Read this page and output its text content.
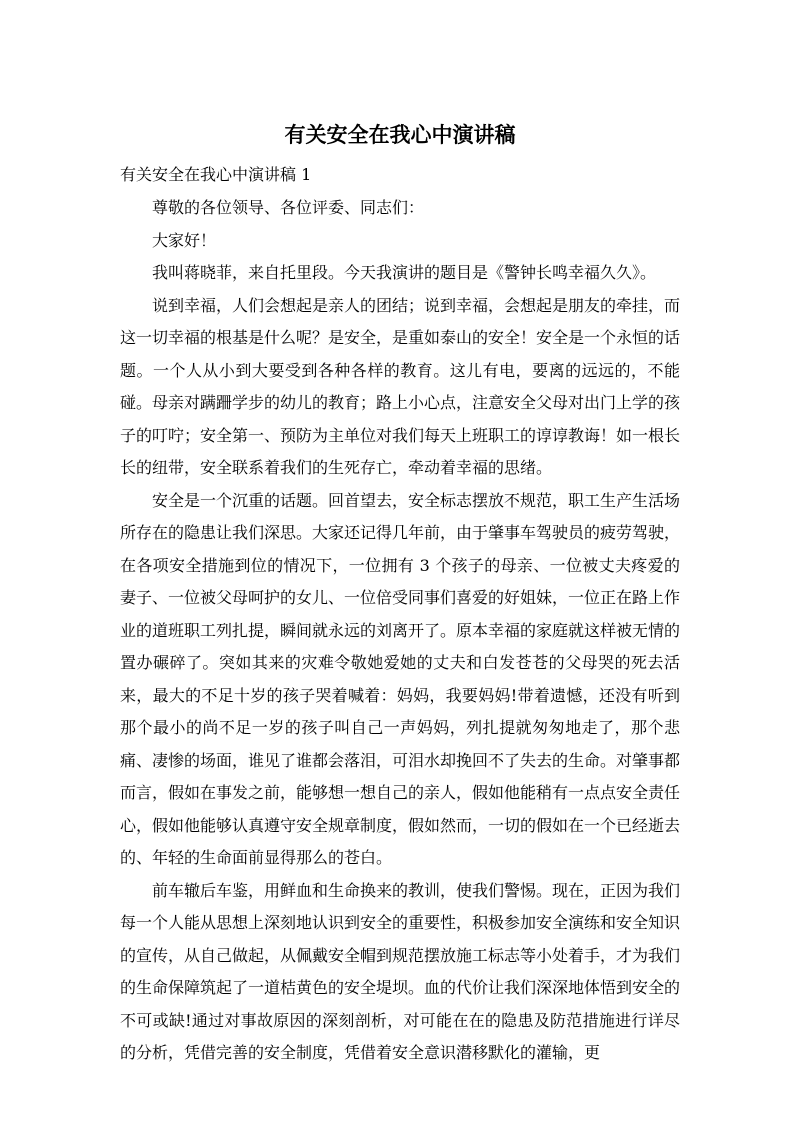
有关安全在我心中演讲稿

有关安全在我心中演讲稿 1

尊敬的各位领导、各位评委、同志们：

大家好！

我叫蒋晓菲，来自托里段。今天我演讲的题目是《警钟长鸣幸福久久》。

说到幸福，人们会想起是亲人的团结；说到幸福，会想起是朋友的牵挂，而这一切幸福的根基是什么呢？是安全，是重如泰山的安全！安全是一个永恒的话题。一个人从小到大要受到各种各样的教育。这儿有电，要离的远远的，不能碰。母亲对蹒跚学步的幼儿的教育；路上小心点，注意安全父母对出门上学的孩子的叮咛；安全第一、预防为主单位对我们每天上班职工的谆谆教诲！如一根长长的纽带，安全联系着我们的生死存亡，牵动着幸福的思绪。

安全是一个沉重的话题。回首望去，安全标志摆放不规范，职工生产生活场所存在的隐患让我们深思。大家还记得几年前，由于肇事车驾驶员的疲劳驾驶，在各项安全措施到位的情况下，一位拥有 3 个孩子的母亲、一位被丈夫疼爱的妻子、一位被父母呵护的女儿、一位倍受同事们喜爱的好姐妹，一位正在路上作业的道班职工列扎提，瞬间就永远的刘离开了。原本幸福的家庭就这样被无情的置办碾碎了。突如其来的灾难令敬她爱她的丈夫和白发苍苍的父母哭的死去活来，最大的不足十岁的孩子哭着喊着：妈妈，我要妈妈!带着遗憾，还没有听到那个最小的尚不足一岁的孩子叫自己一声妈妈，列扎提就匆匆地走了，那个悲痛、凄惨的场面，谁见了谁都会落泪，可泪水却挽回不了失去的生命。对肇事都而言，假如在事发之前，能够想一想自己的亲人，假如他能稍有一点点安全责任心，假如他能够认真遵守安全规章制度，假如然而，一切的假如在一个已经逝去的、年轻的生命面前显得那么的苍白。

前车辙后车鉴，用鲜血和生命换来的教训，使我们警惕。现在，正因为我们每一个人能从思想上深刻地认识到安全的重要性，积极参加安全演练和安全知识的宣传，从自己做起，从佩戴安全帽到规范摆放施工标志等小处着手，才为我们的生命保障筑起了一道桔黄色的安全堤坝。血的代价让我们深深地体悟到安全的不可或缺!通过对事故原因的深刻剖析，对可能在在的隐患及防范措施进行详尽的分析，凭借完善的安全制度，凭借着安全意识潜移默化的灌输，更
